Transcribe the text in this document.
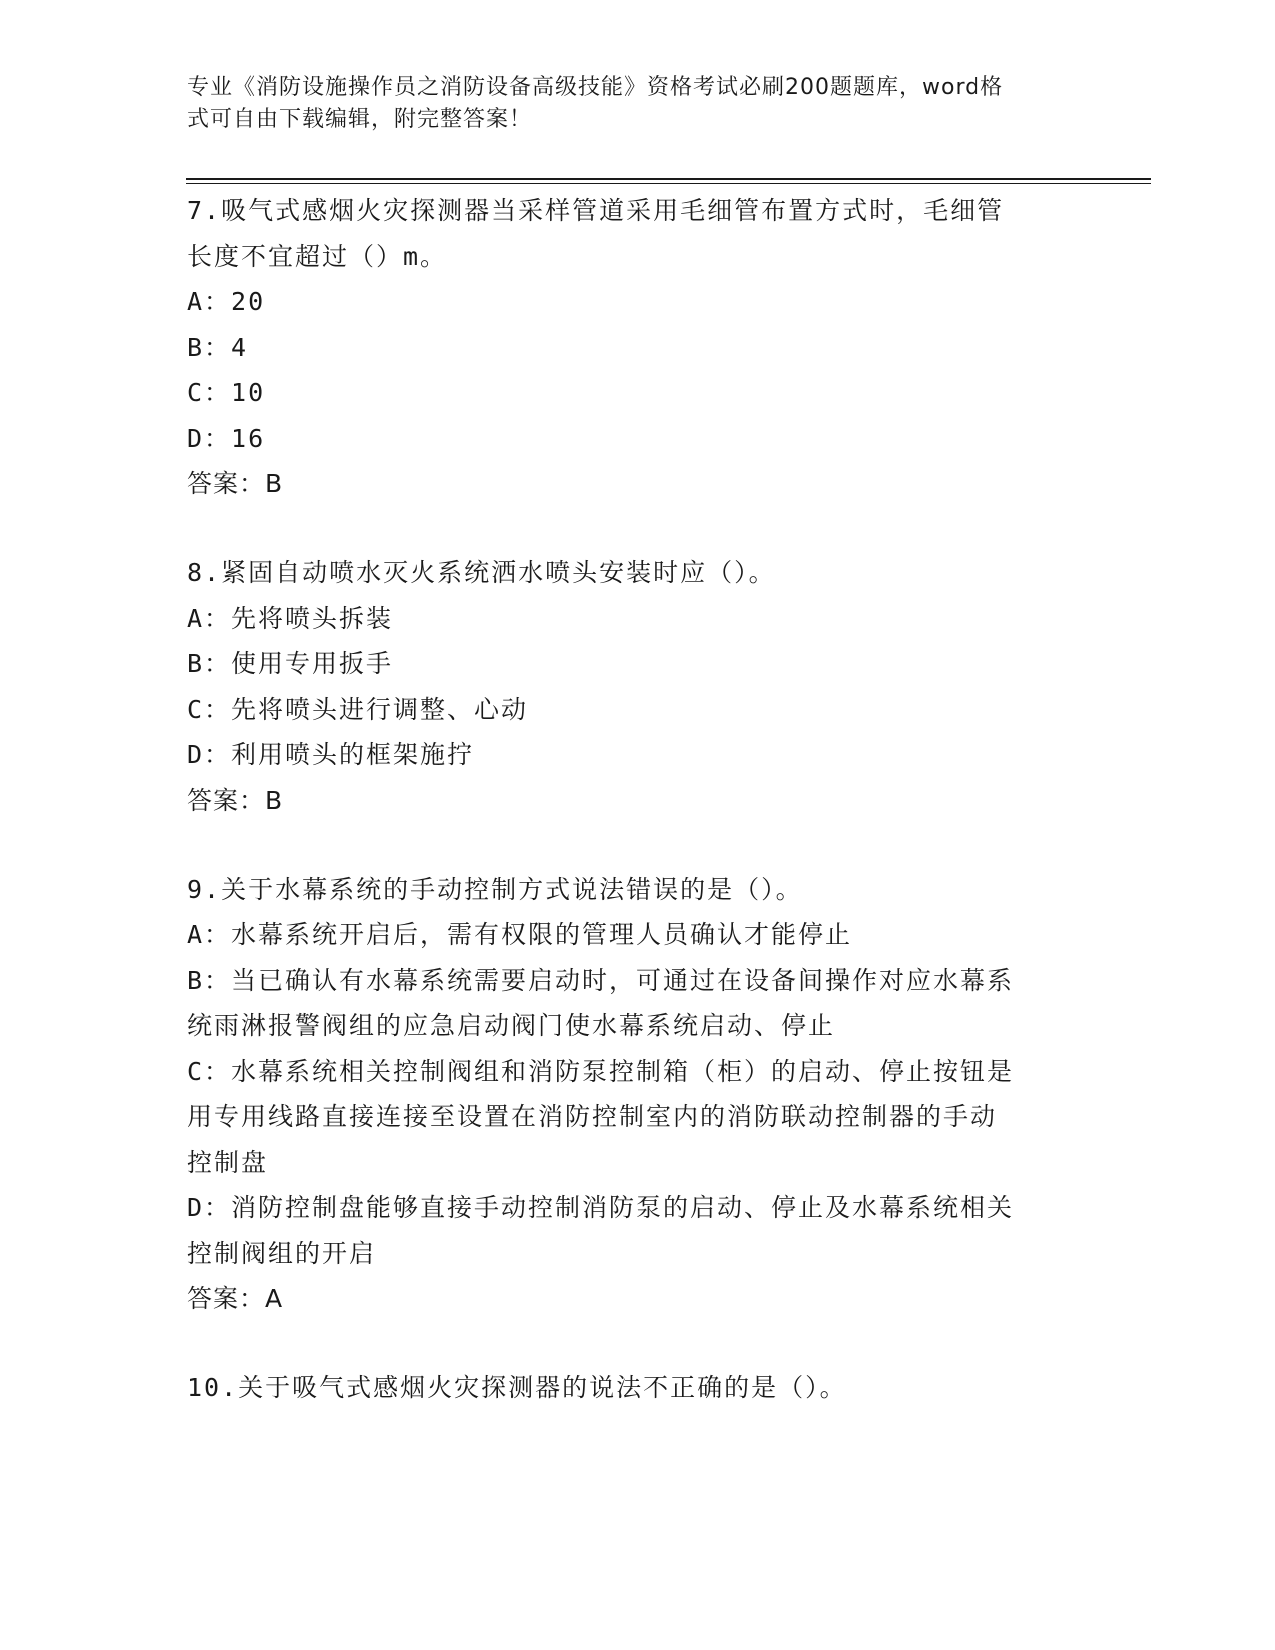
专业《消防设施操作员之消防设备高级技能》资格考试必刷200题题库，word格
式可自由下载编辑，附完整答案！
7.吸气式感烟火灾探测器当采样管道采用毛细管布置方式时，毛细管
长度不宜超过（）m。
A：20
B：4
C：10
D：16
答案：B
8.紧固自动喷水灭火系统洒水喷头安装时应（）。
A：先将喷头拆装
B：使用专用扳手
C：先将喷头进行调整、心动
D：利用喷头的框架施拧
答案：B
9.关于水幕系统的手动控制方式说法错误的是（）。
A：水幕系统开启后，需有权限的管理人员确认才能停止
B：当已确认有水幕系统需要启动时，可通过在设备间操作对应水幕系
统雨淋报警阀组的应急启动阀门使水幕系统启动、停止
C：水幕系统相关控制阀组和消防泵控制箱（柜）的启动、停止按钮是
用专用线路直接连接至设置在消防控制室内的消防联动控制器的手动
控制盘
D：消防控制盘能够直接手动控制消防泵的启动、停止及水幕系统相关
控制阀组的开启
答案：A
10.关于吸气式感烟火灾探测器的说法不正确的是（）。
